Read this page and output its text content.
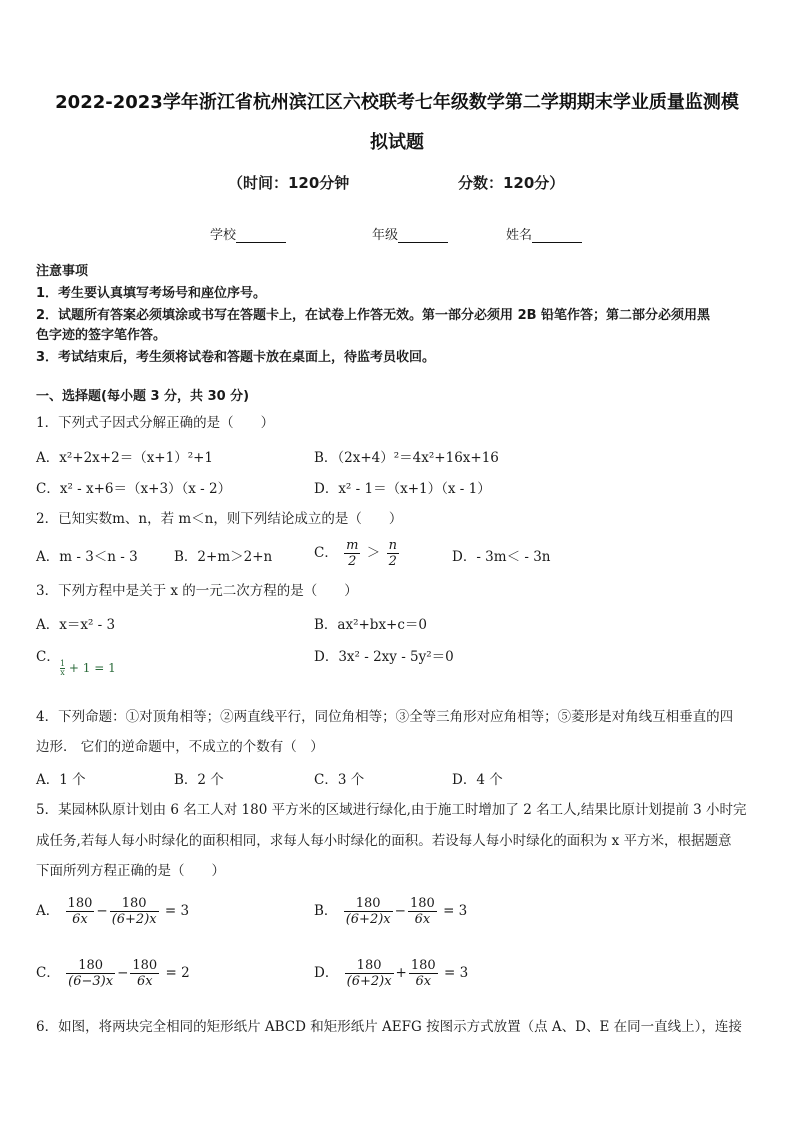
2022-2023学年浙江省杭州滨江区六校联考七年级数学第二学期期末学业质量监测模
拟试题
（时间：120分钟	分数：120分）
学校	年级	姓名
注意事项
1．考生要认真填写考场号和座位序号。
2．试题所有答案必须填涂或书写在答题卡上，在试卷上作答无效。第一部分必须用 2B 铅笔作答；第二部分必须用黑
色字迹的签字笔作答。
3．考试结束后，考生须将试卷和答题卡放在桌面上，待监考员收回。
一、选择题(每小题 3 分，共 30 分)
1．下列式子因式分解正确的是（　　）
A．x²+2x+2＝（x+1）²+1	B．（2x+4）²＝4x²+16x+16
C．x² - x+6＝（x+3）（x - 2）	D．x² - 1＝（x+1）（x - 1）
2．已知实数m、n，若 m＜n，则下列结论成立的是（　　）
A．m - 3＜n - 3	B．2+m＞2+n	C． $\frac{m}{2} > \frac{n}{2}$	D．- 3m＜ - 3n
3．下列方程中是关于 x 的一元二次方程的是（　　）
A．x＝x² - 3	B．ax²+bx+c＝0
C．
$\frac{1}{x} + 1 = 1$
D．3x² - 2xy - 5y²＝0
4．下列命题：①对顶角相等；②两直线平行，同位角相等；③全等三角形对应角相等；⑤菱形是对角线互相垂直的四
边形． 它们的逆命题中，不成立的个数有（　）
A．1 个	B．2 个	C．3 个	D．4 个
5．某园林队原计划由 6 名工人对 180 平方米的区域进行绿化,由于施工时增加了 2 名工人,结果比原计划提前 3 小时完
成任务,若每人每小时绿化的面积相同，求每人每小时绿化的面积。若设每人每小时绿化的面积为 x 平方米，根据题意
下面所列方程正确的是（　　）
A． $\frac{180}{6x} - \frac{180}{(6+2)x} = 3$	B． $\frac{180}{(6+2)x} - \frac{180}{6x} = 3$
C． $\frac{180}{(6-3)x} - \frac{180}{6x} = 2$	D． $\frac{180}{(6+2)x} + \frac{180}{6x} = 3$
6．如图，将两块完全相同的矩形纸片 ABCD 和矩形纸片 AEFG 按图示方式放置（点 A、D、E 在同一直线上），连接
